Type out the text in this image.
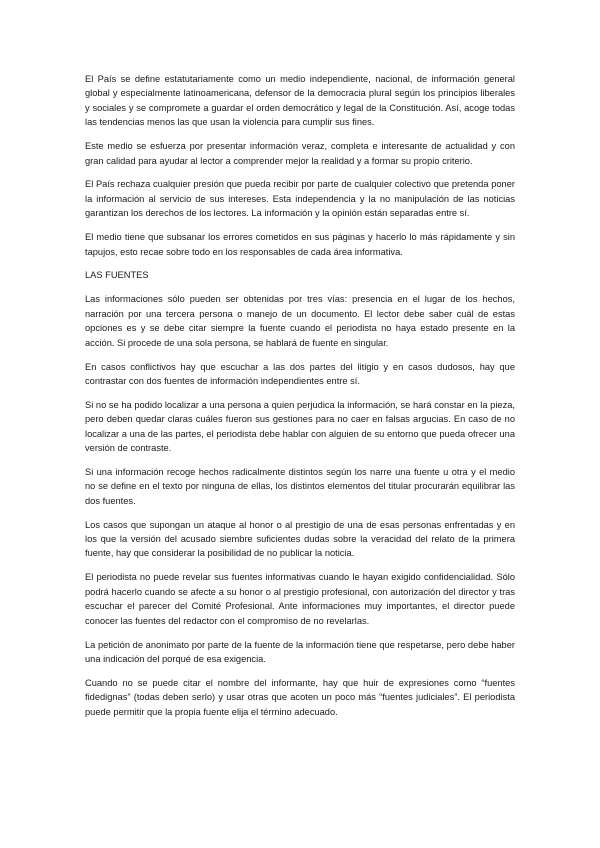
El País se define estatutariamente como un medio independiente, nacional, de información general global y especialmente latinoamericana, defensor de la democracia plural según los principios liberales y sociales y se compromete a guardar el orden democrático y legal de la Constitución. Así, acoge todas las tendencias menos las que usan la violencia para cumplir sus fines.

Este medio se esfuerza por presentar información veraz, completa e interesante de actualidad y con gran calidad para ayudar al lector a comprender mejor la realidad y a formar su propio criterio.

El País rechaza cualquier presión que pueda recibir por parte de cualquier colectivo que pretenda poner la información al servicio de sus intereses. Esta independencia y la no manipulación de las noticias garantizan los derechos de los lectores. La información y la opinión están separadas entre sí.

El medio tiene que subsanar los errores cometidos en sus páginas y hacerlo lo más rápidamente y sin tapujos, esto recae sobre todo en los responsables de cada área informativa.

LAS FUENTES

Las informaciones sólo pueden ser obtenidas por tres vías: presencia en el lugar de los hechos, narración por una tercera persona o manejo de un documento. El lector debe saber cuál de estas opciones es y se debe citar siempre la fuente cuando el periodista no haya estado presente en la acción. Si procede de una sola persona, se hablará de fuente en singular.

En casos conflictivos hay que escuchar a las dos partes del litigio y en casos dudosos, hay que contrastar con dos fuentes de información independientes entre sí.

Si no se ha podido localizar a una persona a quien perjudica la información, se hará constar en la pieza, pero deben quedar claras cuáles fueron sus gestiones para no caer en falsas argucias. En caso de no localizar a una de las partes, el periodista debe hablar con alguien de su entorno que pueda ofrecer una versión de contraste.

Si una información recoge hechos radicalmente distintos según los narre una fuente u otra y el medio no se define en el texto por ninguna de ellas, los distintos elementos del titular procurarán equilibrar las dos fuentes.

Los casos que supongan un ataque al honor o al prestigio de una de esas personas enfrentadas y en los que la versión del acusado siembre suficientes dudas sobre la veracidad del relato de la primera fuente, hay que considerar la posibilidad de no publicar la noticia.

El periodista no puede revelar sus fuentes informativas cuando le hayan exigido confidencialidad. Sólo podrá hacerlo cuando se afecte a su honor o al prestigio profesional, con autorización del director y tras escuchar el parecer del Comité Profesional. Ante informaciones muy importantes, el director puede conocer las fuentes del redactor con el compromiso de no revelarlas.

La petición de anonimato por parte de la fuente de la información tiene que respetarse, pero debe haber una indicación del porqué de esa exigencia.

Cuando no se puede citar el nombre del informante, hay que huir de expresiones como “fuentes fidedignas” (todas deben serlo) y usar otras que acoten un poco más “fuentes judiciales”. El periodista puede permitir que la propia fuente elija el término adecuado.
